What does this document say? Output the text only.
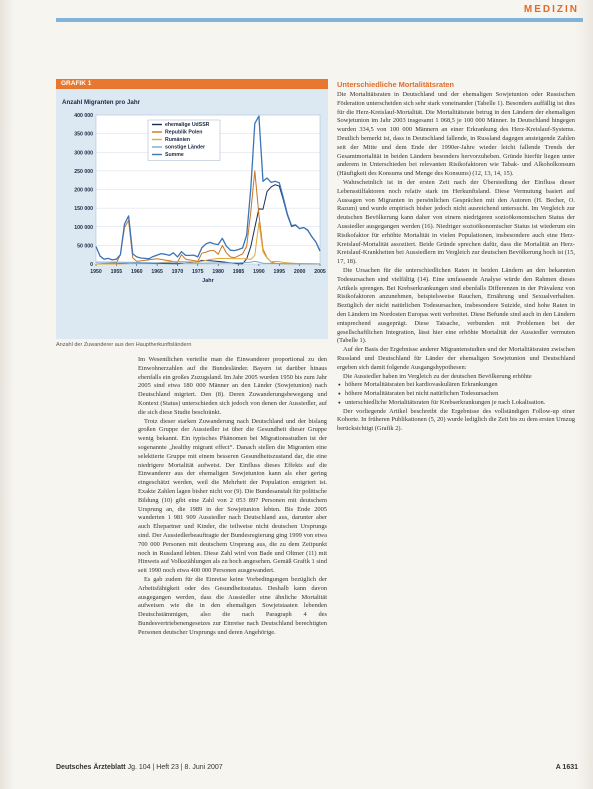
MEDIZIN
GRAFIK 1
Anzahl Migranten pro Jahr
0
50 000
100 000
150 000
200 000
250 000
300 000
350 000
400 000
1950 1955 1960 1965 1970 1975 1980 1985 1990 1995 2000 2005
Jahr
ehemalige UdSSR
Republik Polen
Rumänien
sonstige Länder
Summe
Anzahl der Zuwanderer aus den Hauptherkunftsländern
Unterschiedliche Mortalitätsraten

Die Mortalitätsraten in Deutschland und der ehemaligen Sowjetunion oder Russischen Föderation unterscheiden sich sehr stark voneinander (Tabelle 1). Besonders auffällig ist dies für die Herz-Kreislauf-Mortalität. Die Mortalitätsrate betrug in den Ländern der ehemaligen Sowjetunion im Jahr 2003 insgesamt 1 068,5 je 100 000 Männer. In Deutschland hingegen wurden 334,5 von 100 000 Männern an einer Erkrankung des Herz-Kreislauf-Systems. Deutlich bemerkt ist, dass in Deutschland fallende, in Russland dagegen ansteigende Zahlen seit der Mitte und dem Ende der 1990er-Jahre wieder leicht fallende Trends der Gesamtmortalität in beiden Ländern besonders hervorzuheben. Gründe hierfür liegen unter anderem in Unterschieden bei relevanten Risikofaktoren wie Tabak- und Alkoholkonsum (Häufigkeit des Konsums und Menge des Konsums) (12, 13, 14, 15).

Wahrscheinlich ist in der ersten Zeit nach der Übersiedlung der Einfluss dieser Lebensstilfaktoren noch relativ stark im Herkunftsland. Diese Vermutung basiert auf Aussagen von Migranten in persönlichen Gesprächen mit den Autoren (H. Becher, O. Razum) und wurde empirisch bisher jedoch nicht ausreichend untersucht. Im Vergleich zur deutschen Bevölkerung kann daher von einem niedrigeren sozioökonomischen Status der Aussiedler ausgegangen werden (16). Niedriger sozioökonomischer Status ist wiederum ein Risikofaktor für erhöhte Mortalität in vielen Populationen, insbesondere auch eine Herz-Kreislauf-Mortalität assoziiert. Beide Gründe sprechen dafür, dass die Mortalität an Herz-Kreislauf-Krankheiten bei Aussiedlern im Vergleich zur deutschen Bevölkerung hoch ist (15, 17, 18).

Die Ursachen für die unterschiedlichen Raten in beiden Ländern an den bekannten Todesursachen sind vielfältig (14). Eine umfassende Analyse würde den Rahmen dieses Artikels sprengen. Bei Krebserkrankungen sind ebenfalls Differenzen in der Prävalenz von Risikofaktoren anzunehmen, beispielsweise Rauchen, Ernährung und Sexualverhalten. Bezüglich der nicht natürlichen Todesursachen, insbesondere Suizide, sind hohe Raten in den Ländern im Nordosten Europas weit verbreitet. Diese Befunde sind auch in den Ländern entsprechend ausgeprägt. Diese Tatsache, verbunden mit Problemen bei der gesellschaftlichen Integration, lässt hier eine erhöhte Mortalität der Aussiedler vermuten (Tabelle 1).

Auf der Basis der Ergebnisse anderer Migrantenstudien und der Mortalitätsraten zwischen Russland und Deutschland für Länder der ehemaligen Sowjetunion und Deutschland ergeben sich damit folgende Ausgangshypothesen:

Die Aussiedler haben im Vergleich zu der deutschen Bevölkerung erhöhte

● höhere Mortalitätsraten bei kardiovaskulären Erkrankungen
● höhere Mortalitätsraten bei nicht natürlichen Todesursachen
● unterschiedliche Mortalitätsraten für Krebserkrankungen je nach Lokalisation.

Der vorliegende Artikel beschreibt die Ergebnisse des vollständigen Follow-up einer Kohorte. In früheren Publikationen (5, 20) wurde lediglich die Zeit bis zu dem ersten Umzug berücksichtigt (Grafik 2).

Im Wesentlichen verteilte man die Einwanderer proportional zu den Einwohnerzahlen auf die Bundesländer. Bayern ist darüber hinaus ebenfalls ein großes Zuzugsland. Im Jahr 2005 wurden 1950 bis zum Jahr 2005 sind etwa 180 000 Männer an den Länder (Sowjetunion) nach Deutschland migriert. Den (8). Deren Zuwanderungsbewegung und Kontext (Status) unterschieden sich jedoch von denen der Aussiedler, auf die sich diese Studie beschränkt.

Trotz dieser starken Zuwanderung nach Deutschland und der bislang großen Gruppe der Aussiedler ist über die Gesundheit dieser Gruppe wenig bekannt. Ein typisches Phänomen bei Migrationsstudien ist der sogenannte „healthy migrant effect“. Danach stellen die Migranten eine selektierte Gruppe mit einem besseren Gesundheitszustand dar, die eine niedrigere Mortalität aufweist. Der Einfluss dieses Effekts auf die Einwanderer aus der ehemaligen Sowjetunion kann als eher gering eingeschätzt werden, weil die Mehrheit der Population emigriert ist. Exakte Zahlen lagen bisher nicht vor (9). Die Bundesanstalt für politische Bildung (10) gibt eine Zahl von 2 053 897 Personen mit deutschem Ursprung an, die 1989 in der Sowjetunion lebten. Bis Ende 2005 wanderten 1 981 909 Aussiedler nach Deutschland aus, darunter aber auch Ehepartner und Kinder, die teilweise nicht deutschen Ursprungs sind. Der Aussiedlerbeauftragte der Bundesregierung ging 1999 von etwa 700 000 Personen mit deutschem Ursprung aus, die zu dem Zeitpunkt noch in Russland lebten. Diese Zahl wird von Bade und Oltmer (11) mit Hinweis auf Volkszählungen als zu hoch angesehen. Gemäß Grafik 1 sind seit 1990 noch etwa 400 000 Personen ausgewandert.

Es gab zudem für die Einreise keine Vorbedingungen bezüglich der Arbeitsfähigkeit oder des Gesundheitsstatus. Deshalb kann davon ausgegangen werden, dass die Aussiedler eine ähnliche Mortalität aufweisen wie die in den ehemaligen Sowjetstaaten lebenden Deutschstämmigen, also die nach Paragraph 4 des Bundesvertriebenengesetzes zur Einreise nach Deutschland berechtigten Personen deutscher Ursprungs und deren Angehörige.

Deutsches Ärzteblatt Jg. 104 | Heft 23 | 8. Juni 2007	A 1631
